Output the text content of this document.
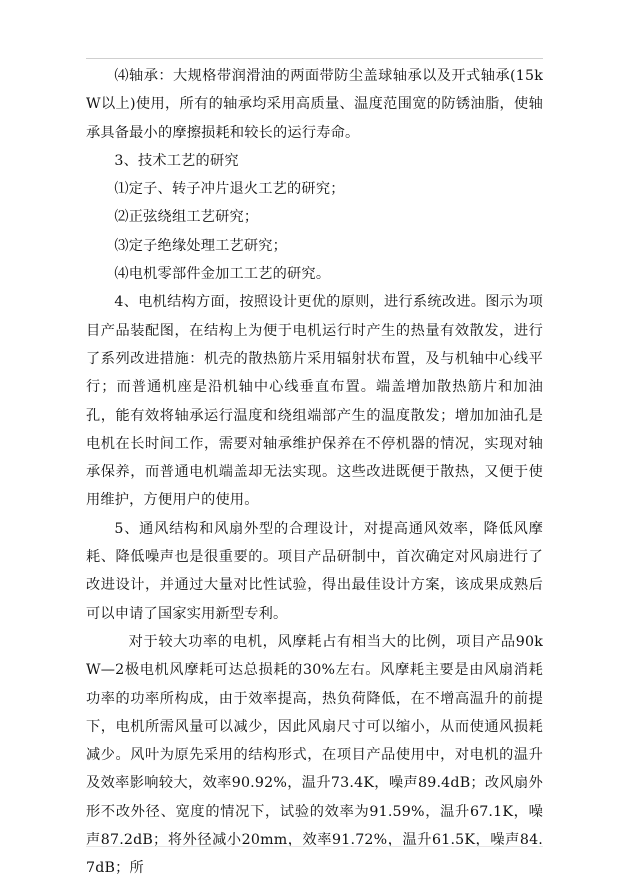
⑷轴承：大规格带润滑油的两面带防尘盖球轴承以及开式轴承(15kW以上)使用，所有的轴承均采用高质量、温度范围宽的防锈油脂，使轴承具备最小的摩擦损耗和较长的运行寿命。

3、技术工艺的研究

⑴定子、转子冲片退火工艺的研究；

⑵正弦绕组工艺研究；

⑶定子绝缘处理工艺研究；

⑷电机零部件金加工工艺的研究。

4、电机结构方面，按照设计更优的原则，进行系统改进。图示为项目产品装配图，在结构上为便于电机运行时产生的热量有效散发，进行了系列改进措施：机壳的散热筋片采用辐射状布置，及与机轴中心线平行；而普通机座是沿机轴中心线垂直布置。端盖增加散热筋片和加油孔，能有效将轴承运行温度和绕组端部产生的温度散发；增加加油孔是电机在长时间工作，需要对轴承维护保养在不停机器的情况，实现对轴承保养，而普通电机端盖却无法实现。这些改进既便于散热，又便于使用维护，方便用户的使用。

5、通风结构和风扇外型的合理设计，对提高通风效率，降低风摩耗、降低噪声也是很重要的。项目产品研制中，首次确定对风扇进行了改进设计，并通过大量对比性试验，得出最佳设计方案，该成果成熟后可以申请了国家实用新型专利。

对于较大功率的电机，风摩耗占有相当大的比例，项目产品90kW—2极电机风摩耗可达总损耗的30%左右。风摩耗主要是由风扇消耗功率的功率所构成，由于效率提高，热负荷降低，在不增高温升的前提下，电机所需风量可以减少，因此风扇尺寸可以缩小，从而使通风损耗减少。风叶为原先采用的结构形式，在项目产品使用中，对电机的温升及效率影响较大，效率90.92%，温升73.4K，噪声89.4dB；改风扇外形不改外径、宽度的情况下，试验的效率为91.59%，温升67.1K，噪声87.2dB；将外径减小20mm，效率91.72%，温升61.5K，噪声84.7dB；所
